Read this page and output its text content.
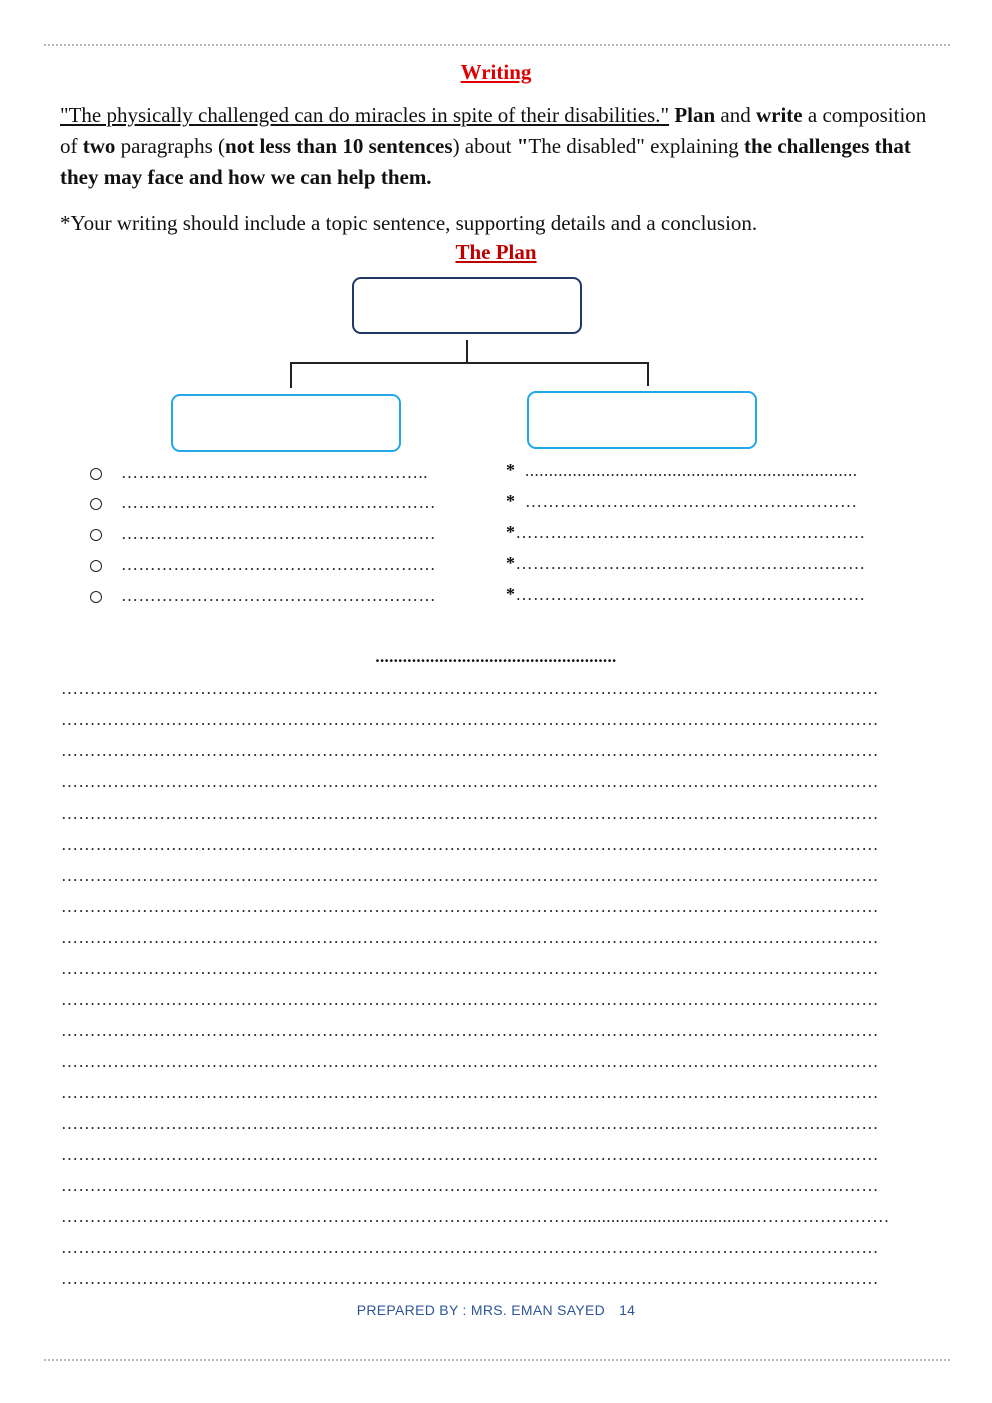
Writing

"The physically challenged can do miracles in spite of their disabilities." Plan and write a composition of two paragraphs (not less than 10 sentences) about "The disabled" explaining the challenges that they may face and how we can help them.

*Your writing should include a topic sentence, supporting details and a conclusion.

The Plan
……………………………………………..
………………………………………………
………………………………………………
………………………………………………
………………………………………………
* ......................................................................
* …………………………………………………
*……………………………………………………
*……………………………………………………
*……………………………………………………
.....................................................
……………………………………………………………………………………………………………………………
……………………………………………………………………………………………………………………………
……………………………………………………………………………………………………………………………
……………………………………………………………………………………………………………………………
……………………………………………………………………………………………………………………………
……………………………………………………………………………………………………………………………
……………………………………………………………………………………………………………………………
……………………………………………………………………………………………………………………………
……………………………………………………………………………………………………………………………
……………………………………………………………………………………………………………………………
……………………………………………………………………………………………………………………………
……………………………………………………………………………………………………………………………
……………………………………………………………………………………………………………………………
……………………………………………………………………………………………………………………………
……………………………………………………………………………………………………………………………
……………………………………………………………………………………………………………………………
……………………………………………………………………………………………………………………………
………………………………………………………………………………....................................……………………
……………………………………………………………………………………………………………………………
……………………………………………………………………………………………………………………………
PREPARED BY : MRS. EMAN SAYED 14
